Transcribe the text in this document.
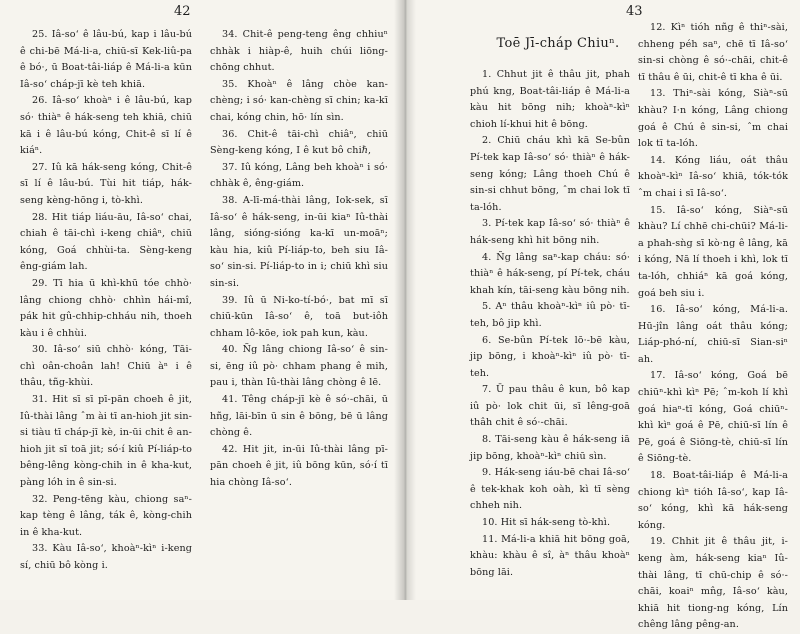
42

25. Iâ-soʻ ê lâu-bú, kap i lâu-bú ê chi-bē Má-li-a, chiū-sī Kek-liû-pa ê bó·, ū Boat-tâi-liáp ê Má-li-a kūn Iâ-soʻ cháp-jī kè teh khiā.

26. Iâ-soʻ khoàⁿ i ê lâu-bú, kap só· thiàⁿ ê hák-seng teh khiā, chiū kā i ê lâu-bú kóng, Chit-ê sī lí ê kiáⁿ.

27. Iû kā hák-seng kóng, Chit-ê sī lí ê lâu-bú. Tùi hit tiáp, hák-seng kèng-hōng i, tò-khì.

28. Hit tiáp liáu-āu, Iâ-soʻ chai, chiah ê tāi-chì i-keng chiâⁿ, chiū kóng, Goá chhùi-ta. Sèng-keng êng-giám lah.

29. Tī hia ū khì-khū tóe chhò· lâng chiong chhò· chhìn hái-mî, pák hit gû-chhip-chháu nih, thoeh kàu i ê chhùi.

30. Iâ-soʻ siū chhò· kóng, Tāi-chì oân-choân lah! Chiū àⁿ i ê thâu, tñg-khùi.

31. Hit sī sī pī-pān choeh ê jit, Iû-thài lâng ˆm ài tī an-hioh jit sin-si tiàu tī cháp-jī kè, in-ūi chit ê an-hioh jit sī toā jit; só·í kiû Pí-liáp-to bêng-lêng kòng-chih in ê kha-kut, pàng lóh in ê sin-si.

32. Peng-tēng kàu, chiong saⁿ-kap tèng ê lâng, ták ê, kòng-chih in ê kha-kut.

33. Kàu Iâ-soʻ, khoàⁿ-kìⁿ i-keng sí, chiū bô kòng i.

34. Chit-ê peng-teng êng chhiuⁿ chhàk i hiàp-ê, huih chúi liōng-chōng chhut.

35. Khoàⁿ ê lâng chòe kan-chèng; i só· kan-chèng sī chin; ka-kī chai, kóng chin, hō· lín sìn.

36. Chit-ê tāi-chì chiâⁿ, chiū Sèng-keng kóng, I ê kut bô chiℏ,

37. Iû kóng, Lâng beh khoàⁿ i só· chhàk ê, êng-giám.

38. A-lī-má-thài lâng, Iok-sek, sī Iâ-soʻ ê hák-seng, in-ūi kiaⁿ Iû-thài lâng, sióng-sióng ka-kī un-moāⁿ; kàu hia, kiû Pí-liáp-to, beh siu Iâ-soʻ sin-si. Pí-liáp-to in i; chiū khì siu sin-si.

39. Iû ū Ni-ko-tí-bó·, bat mī sī chiū-kūn Iâ-soʻ ê, toā but-iôh chham lô-kōe, iok pah kun, kàu.

40. Ñg lâng chiong Iâ-soʻ ê sin-si, ēng iû pò· chham phang ê mih, pau i, thàn Iû-thài lâng chòng ê lē.

41. Têng cháp-jī kè ê só·-chāi, ū hñg, lāi-bīn ū sin ê bōng, bē ū lâng chòng ê.

42. Hit jit, in-ūi Iû-thài lâng pī-pān choeh ê jit, iû bōng kūn, só·í tī hia chòng Iâ-soʻ.

43
Toē Jī-cháp Chiuⁿ.

1. Chhut jit ê thâu jit, phah phú kng, Boat-tâi-liáp ê Má-li-a kàu hit bōng nih; khoàⁿ-kìⁿ chioh lí-khui hit ê bōng.

2. Chiū cháu khì kā Se-bûn Pí-tek kap Iâ-soʻ só· thiàⁿ ê hák-seng kóng; Lâng thoeh Chú ê sin-si chhut bōng, ˆm chai lok tī ta-lóh.

3. Pí-tek kap Iâ-soʻ só· thiàⁿ ê hák-seng khì hit bōng nih.

4. Ñg lâng saⁿ-kap cháu: só· thiàⁿ ê hák-seng, pí Pí-tek, cháu khah kín, tāi-seng kàu bōng nih.

5. Aⁿ thâu khoàⁿ-kìⁿ iû pò· tī-teh, bô jip khì.

6. Se-bûn Pí-tek lō·-bē kàu, jip bōng, i khoàⁿ-kìⁿ iû pò· tī-teh.

7. Ū pau thâu ê kun, bô kap iû pò· lok chit ūi, sī lêng-goā thâh chit ê só·-chāi.

8. Tāi-seng kàu ê hák-seng iā jip bōng, khoàⁿ-kìⁿ chiū sìn.

9. Hák-seng iáu-bē chai Iâ-soʻ ê tek-khak koh oàh, kì tī sèng chheh nih.

10. Hit sī hák-seng tò-khì.

11. Má-li-a khiā hit bōng goā, khàu: khàu ê sî, àⁿ thâu khoàⁿ bōng lāi.

12. Kìⁿ tióh nñg ê thiⁿ-sài, chheng péh saⁿ, chē tī Iâ-soʻ sin-si chòng ê só·-chāi, chit-ê tī thâu ê ūi, chit-ê tī kha ê ūi.

13. Thiⁿ-sài kóng, Siàⁿ-sū khàu? I·n kóng, Lâng chiong goá ê Chú ê sin-si, ˆm chai lok tī ta-lóh.

14. Kóng liáu, oát thâu khoàⁿ-kìⁿ Iâ-soʻ khiā, tók-tók ˆm chai i sī Iâ-soʻ.

15. Iâ-soʻ kóng, Siàⁿ-sū khàu? Lí chhē chi-chūi? Má-li-a phah-sǹg sī kò·ng ê lâng, kā i kóng, Nā lí thoeh i khì, lok tī ta-lóh, chhiáⁿ kā goá kóng, goá beh siu i.

16. Iâ-soʻ kóng, Má-li-a. Hū-jîn lâng oát thâu kóng; Liáp-phó-ní, chiū-sī Sian-siⁿ ah.

17. Iâ-soʻ kóng, Goá bē chiūⁿ-khì kìⁿ Pē; ˆm-koh lí khì goá hiaⁿ-tī kóng, Goá chiūⁿ-khì kìⁿ goá ê Pē, chiū-sī lín ê Pē, goá ê Siōng-tè, chiū-sī lín ê Siōng-tè.

18. Boat-tâi-liáp ê Má-li-a chiong kìⁿ tióh Iâ-soʻ, kap Iâ-soʻ kóng, khì kā hák-seng kóng.

19. Chhit jit ê thâu jit, i-keng àm, hák-seng kiaⁿ Iû-thài lâng, tī chū-chip ê só·-chāi, koaiⁿ mn̂g, Iâ-soʻ kàu, khiā hit tiong-ng kóng, Lín chêng lâng pêng-an.
